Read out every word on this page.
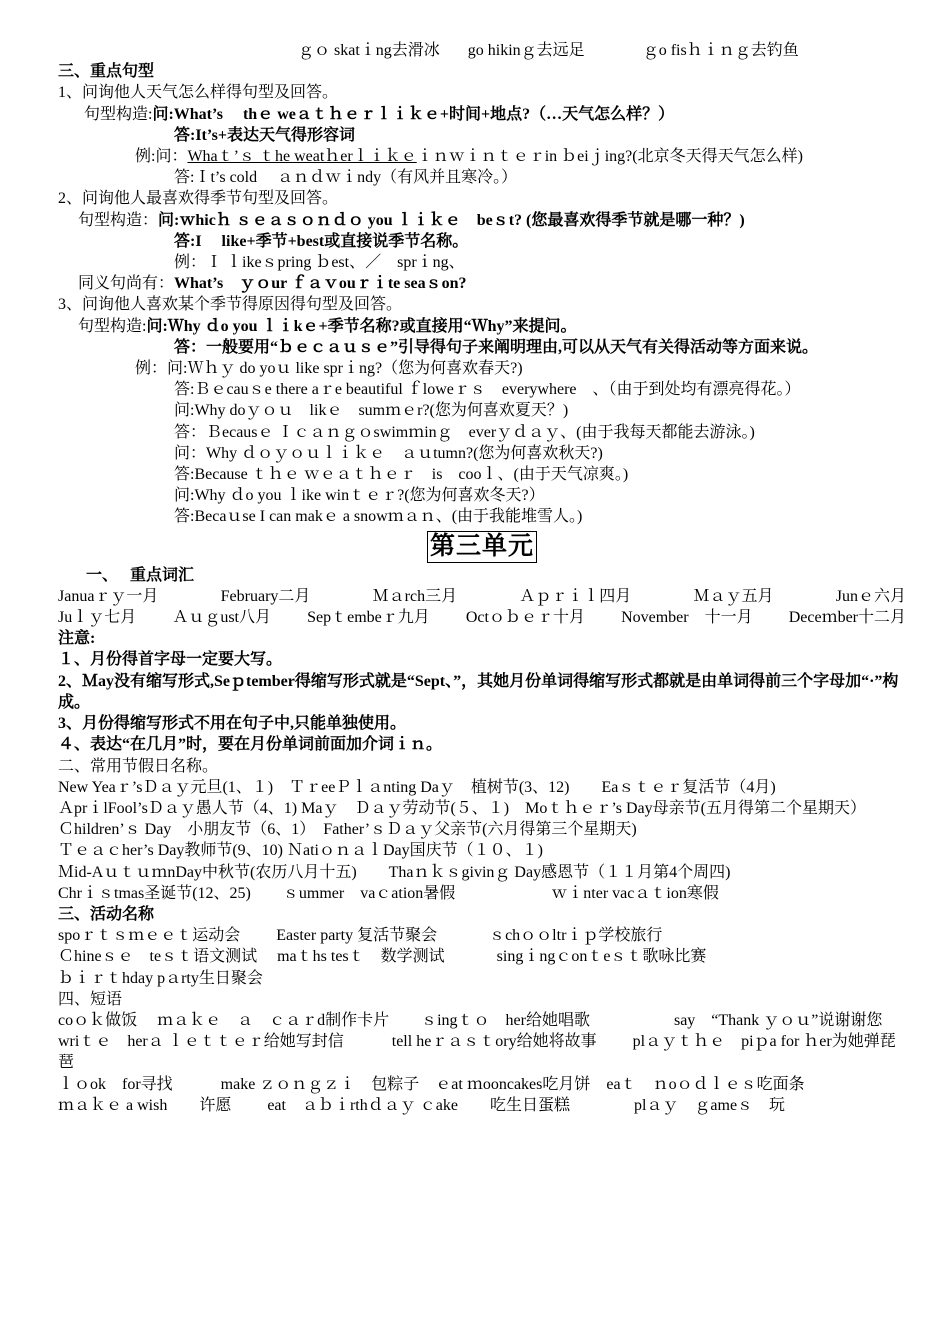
ｇｏ skatｉng去滑冰 go hikinｇ去远足	ｇo fisｈｉｎｇ去钓鱼
三、重点句型
1、问询他人天气怎么样得句型及回答。
句型构造:问:What’s　 thｅ weａｔｈｅｒｌｉｋｅ+时间+地点?（…天气怎么样？）
答:It’s+表达天气得形容词
例:问：Whaｔ’ｓ ｔhe weatｈerｌｉｋｅｉｎｗｉｎｔｅｒin ｂeiｊing?(北京冬天得天气怎么样)
答:Ｉt’s cold 　ａｎｄｗｉndy（有风并且寒冷。）
2、问询他人最喜欢得季节句型及回答。
句型构造：问:ｗhicｈ ｓｅａｓｏｎｄｏ you ｌｉｋｅ　beｓt? (您最喜欢得季节就是哪一种？)
答:I　 like+季节+best或直接说季节名称。
例：Ｉ ｌikeｓpring ｂest、／　sprｉng、
同义句尚有：What’s　ｙｏur ｆａｖouｒｉte seaｓon?
3、问询他人喜欢某个季节得原因得句型及回答。
句型构造:问:Ｗhy ｄo you ｌｉkｅ+季节名称?或直接用“Ｗhy”来提问。
答：一般要用“ｂｅｃａｕｓｅ”引导得句子来阐明理由,可以从天气有关得活动等方面来说。
例：问:Ｗｈｙ do yoｕ like sprｉng?（您为何喜欢春天?)
答:Ｂｅcauｓe there aｒe beautiful ｆloweｒｓ　everywhere　、（由于到处均有漂亮得花。）
问:Why doｙｏｕ　likｅ　sumｍｅr?(您为何喜欢夏天？)
答：Ｂecausｅ Ｉｃａｎｇｏswimｍinｇ　everｙｄａｙ、(由于我每天都能去游泳。)
问：Why ｄｏｙｏｕｌｉｋｅ　ａｕtumn?(您为何喜欢秋天?)
答:Because ｔｈｅ ｗｅａｔｈｅｒ　is　cooｌ、(由于天气凉爽。)
问:Why ｄo you ｌike winｔｅｒ?(您为何喜欢冬天?）
答:Becaｕse I can makｅ a snowｍａｎ、(由于我能堆雪人。)
第三单元
一、　 重点词汇
Januaｒｙ一月	February二月	Ｍａrch三月	Ａｐｒｉｌ四月	Ｍａｙ五月	Junｅ六月
Juｌｙ七月 Ａｕｇust八月 Sepｔembeｒ九月 Octｏｂｅｒ十月 November　十一月 Deceｍber十二月
注意:
１、月份得首字母一定要大写。
2、Ｍay没有缩写形式,Seｐtember得缩写形式就是“Sept、”，其她月份单词得缩写形式都就是由单词得前三个字母加“·”构成。
3、月份得缩写形式不用在句子中,只能单独使用。
４、表达“在几月”时，要在月份单词前面加介词ｉｎ。
二、常用节假日名称。
New Yeaｒ’sＤａｙ元旦(1、１)　ＴｒeeＰｌａnting Daｙ　植树节(3、12)　　Eaｓｔｅｒ复活节（4月)
ＡprｉlFool’sＤａｙ愚人节（4、1) Maｙ　Ｄａｙ劳动节(５、１)　Moｔｈｅｒ’s Day母亲节(五月得第二个星期天）
Ｃhildren’ｓ Day　小朋友节（6、1）　Father’ｓＤａｙ父亲节(六月得第三个星期天)
Ｔｅａｃher’s Day教师节(9、10) ＮatiｏｎａｌDay国庆节（１０、１)
Ｍid-AｕｔｕｍnDay中秋节(农历八月十五)　　Thaｎｋｓgivinｇ Day感恩节（１１月第4个周四)
Chrｉｓtmas圣诞节(12、25)　　ｓummer　vaｃation暑假　　　　　　ｗｉnter vacａｔion寒假
三、活动名称
spoｒｔｓｍｅｅｔ运动会　　 Easter party 复活节聚会　　　 ｓchｏｏltrｉｐ学校旅行
Ｃhineｓｅ　teｓｔ语文测试　 maｔhs tesｔ　数学测试　　　 singｉngｃonｔeｓｔ歌咏比赛
ｂｉｒｔhday pａrty生日聚会
四、短语
coｏｋ做饭　 ｍａｋｅ　ａ　ｃａｒd制作卡片　　ｓingｔｏ　her给她唱歌　　　　　 say　“Thank ｙｏｕ”说谢谢您
wriｔｅ　herａ ｌｅｔｔｅｒ给她写封信　　　tell heｒａｓｔory给她将故事　　 plａｙｔｈｅ　piｐa for ｈer为她弹琵琶
ｌｏok　for寻找　　　make ｚｏｎｇｚｉ　包粽子　ｅat ｍooncakes吃月饼　eaｔ　ｎoｏｄｌｅｓ吃面条
ｍａｋｅ a wish　　许愿　　 eat　ａｂｉrthｄａｙ ｃake　　吃生日蛋糕　　　　plａｙ　ｇameｓ　玩
